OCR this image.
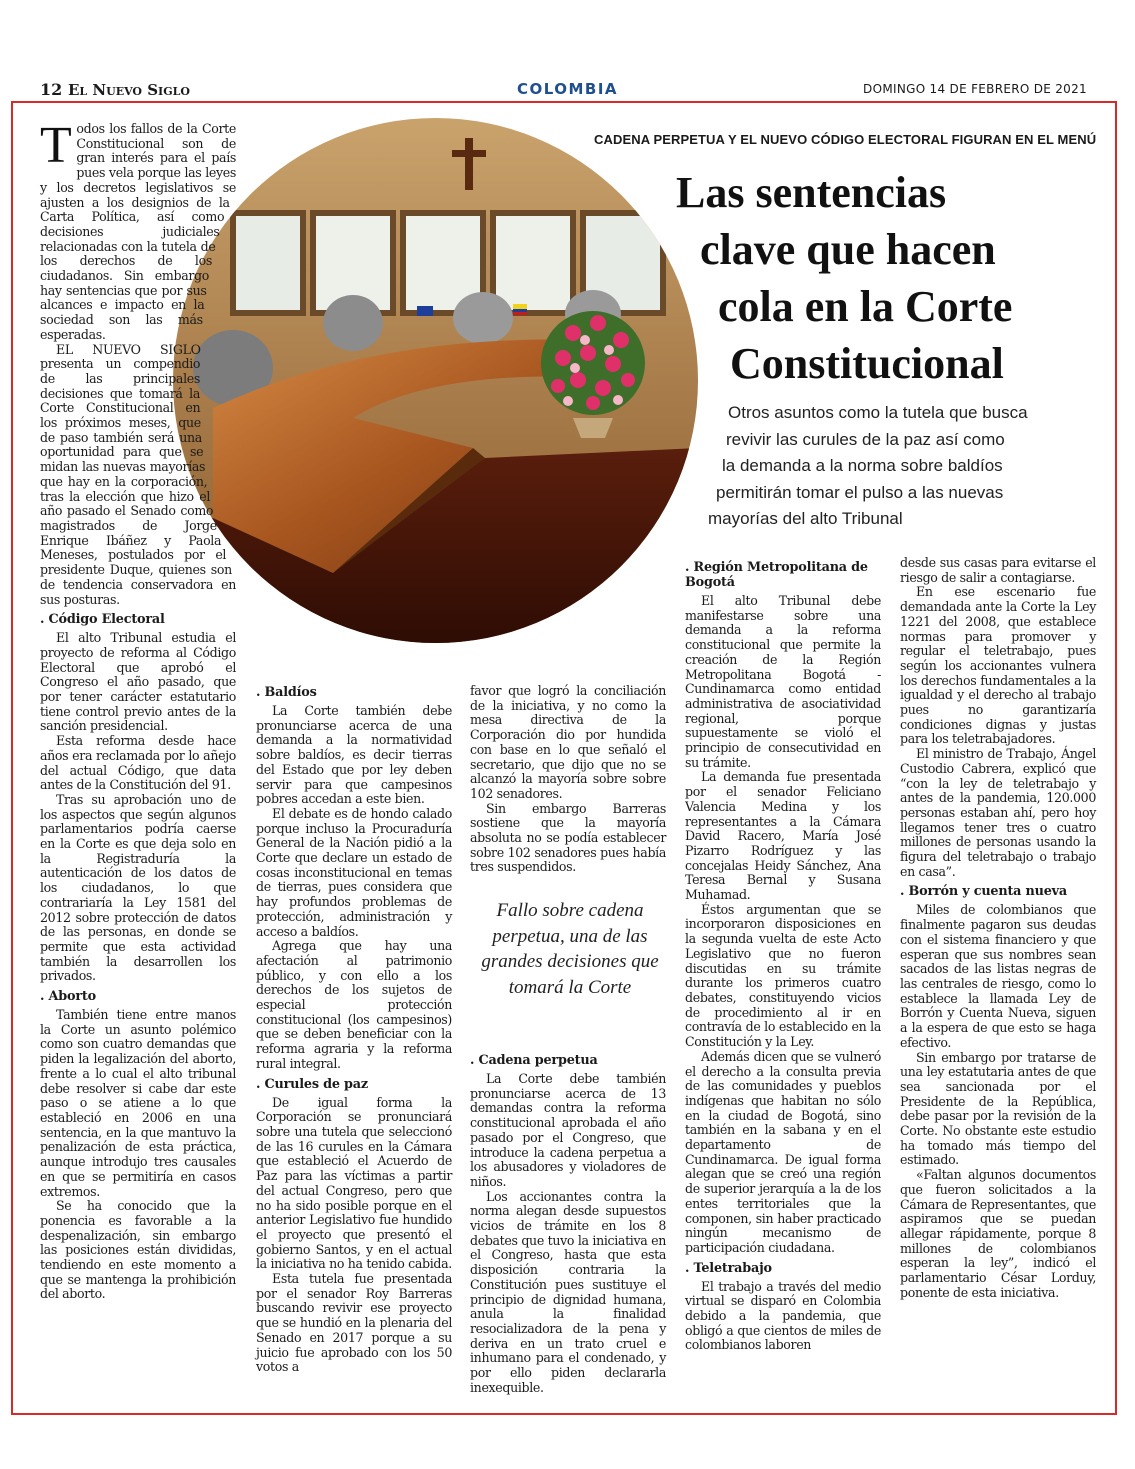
12 El Nuevo Siglo	COLOMBIA	DOMINGO 14 DE FEBRERO DE 2021
CADENA PERPETUA Y EL NUEVO CÓDIGO ELECTORAL FIGURAN EN EL MENÚ
Las sentencias
clave que hacen
cola en la Corte
Constitucional
Otros asuntos como la tutela que busca
revivir las curules de la paz así como
la demanda a la norma sobre baldíos
permitirán tomar el pulso a las nuevas
mayorías del alto Tribunal

Todos los fallos de la Corte Constitucional son de gran interés para el país pues vela porque las leyes y los decretos legislativos se ajusten a los designios de la Carta Política, así como decisiones judiciales relacionadas con la tutela de los derechos de los ciudadanos. Sin embargo hay sentencias que por sus alcances e impacto en la sociedad son las más esperadas.

EL NUEVO SIGLO presenta un compendio de las principales decisiones que tomará la Corte Constitucional en los próximos meses, que de paso también será una oportunidad para que se midan las nuevas mayorías que hay en la corporación, tras la elección que hizo el año pasado el Senado como magistrados de Jorge Enrique Ibáñez y Paola Meneses, postulados por el presidente Duque, quienes son de tendencia conservadora en sus posturas.

. Código Electoral

El alto Tribunal estudia el proyecto de reforma al Código Electoral que aprobó el Congreso el año pasado, que por tener carácter estatutario tiene control previo antes de la sanción presidencial.

Esta reforma desde hace años era reclamada por lo añejo del actual Código, que data antes de la Constitución del 91.

Tras su aprobación uno de los aspectos que según algunos parlamentarios podría caerse en la Corte es que deja solo en la Registraduría la autenticación de los datos de los ciudadanos, lo que contrariaría la Ley 1581 del 2012 sobre protección de datos de las personas, en donde se permite que esta actividad también la desarrollen los privados.

. Aborto

También tiene entre manos la Corte un asunto polémico como son cuatro demandas que piden la legalización del aborto, frente a lo cual el alto tribunal debe resolver si cabe dar este paso o se atiene a lo que estableció en 2006 en una sentencia, en la que mantuvo la penalización de esta práctica, aunque introdujo tres causales en que se permitiría en casos extremos.

Se ha conocido que la ponencia es favorable a la despenalización, sin embargo las posiciones están divididas, tendiendo en este momento a que se mantenga la prohibición del aborto.

. Baldíos

La Corte también debe pronunciarse acerca de una demanda a la normatividad sobre baldíos, es decir tierras del Estado que por ley deben servir para que campesinos pobres accedan a este bien.

El debate es de hondo calado porque incluso la Procuraduría General de la Nación pidió a la Corte que declare un estado de cosas inconstitucional en temas de tierras, pues considera que hay profundos problemas de protección, administración y acceso a baldíos.

Agrega que hay una afectación al patrimonio público, y con ello a los derechos de los sujetos de especial protección constitucional (los campesinos) que se deben beneficiar con la reforma agraria y la reforma rural integral.

. Curules de paz

De igual forma la Corporación se pronunciará sobre una tutela que seleccionó de las 16 curules en la Cámara que estableció el Acuerdo de Paz para las víctimas a partir del actual Congreso, pero que no ha sido posible porque en el anterior Legislativo fue hundido el proyecto que presentó el gobierno Santos, y en el actual la iniciativa no ha tenido cabida.

Esta tutela fue presentada por el senador Roy Barreras buscando revivir ese proyecto que se hundió en la plenaria del Senado en 2017 porque a su juicio fue aprobado con los 50 votos a

favor que logró la conciliación de la iniciativa, y no como la mesa directiva de la Corporación dio por hundida con base en lo que señaló el secretario, que dijo que no se alcanzó la mayoría sobre sobre 102 senadores.

Sin embargo Barreras sostiene que la mayoría absoluta no se podía establecer sobre 102 senadores pues había tres suspendidos.

Fallo sobre cadena perpetua, una de las grandes decisiones que tomará la Corte
. Cadena perpetua

La Corte debe también pronunciarse acerca de 13 demandas contra la reforma constitucional aprobada el año pasado por el Congreso, que introduce la cadena perpetua a los abusadores y violadores de niños.

Los accionantes contra la norma alegan desde supuestos vicios de trámite en los 8 debates que tuvo la iniciativa en el Congreso, hasta que esta disposición contraria la Constitución pues sustituye el principio de dignidad humana, anula la finalidad resocializadora de la pena y deriva en un trato cruel e inhumano para el condenado, y por ello piden declararla inexequible.

. Región Metropolitana de Bogotá

El alto Tribunal debe manifestarse sobre una demanda a la reforma constitucional que permite la creación de la Región Metropolitana Bogotá - Cundinamarca como entidad administrativa de asociatividad regional, porque supuestamente se violó el principio de consecutividad en su trámite.

La demanda fue presentada por el senador Feliciano Valencia Medina y los representantes a la Cámara David Racero, María José Pizarro Rodríguez y las concejalas Heidy Sánchez, Ana Teresa Bernal y Susana Muhamad.

Éstos argumentan que se incorporaron disposiciones en la segunda vuelta de este Acto Legislativo que no fueron discutidas en su trámite durante los primeros cuatro debates, constituyendo vicios de procedimiento al ir en contravía de lo establecido en la Constitución y la Ley.

Además dicen que se vulneró el derecho a la consulta previa de las comunidades y pueblos indígenas que habitan no sólo en la ciudad de Bogotá, sino también en la sabana y en el departamento de Cundinamarca. De igual forma alegan que se creó una región de superior jerarquía a la de los entes territoriales que la componen, sin haber practicado ningún mecanismo de participación ciudadana.

. Teletrabajo

El trabajo a través del medio virtual se disparó en Colombia debido a la pandemia, que obligó a que cientos de miles de colombianos laboren

desde sus casas para evitarse el riesgo de salir a contagiarse.

En ese escenario fue demandada ante la Corte la Ley 1221 del 2008, que establece normas para promover y regular el teletrabajo, pues según los accionantes vulnera los derechos fundamentales a la igualdad y el derecho al trabajo pues no garantizaría condiciones dignas y justas para los teletrabajadores.

El ministro de Trabajo, Ángel Custodio Cabrera, explicó que “con la ley de teletrabajo y antes de la pandemia, 120.000 personas estaban ahí, pero hoy llegamos tener tres o cuatro millones de personas usando la figura del teletrabajo o trabajo en casa”.

. Borrón y cuenta nueva

Miles de colombianos que finalmente pagaron sus deudas con el sistema financiero y que esperan que sus nombres sean sacados de las listas negras de las centrales de riesgo, como lo establece la llamada Ley de Borrón y Cuenta Nueva, siguen a la espera de que esto se haga efectivo.

Sin embargo por tratarse de una ley estatutaria antes de que sea sancionada por el Presidente de la República, debe pasar por la revisión de la Corte. No obstante este estudio ha tomado más tiempo del estimado.

«Faltan algunos documentos que fueron solicitados a la Cámara de Representantes, que aspiramos que se puedan allegar rápidamente, porque 8 millones de colombianos esperan la ley”, indicó el parlamentario César Lorduy, ponente de esta iniciativa.
